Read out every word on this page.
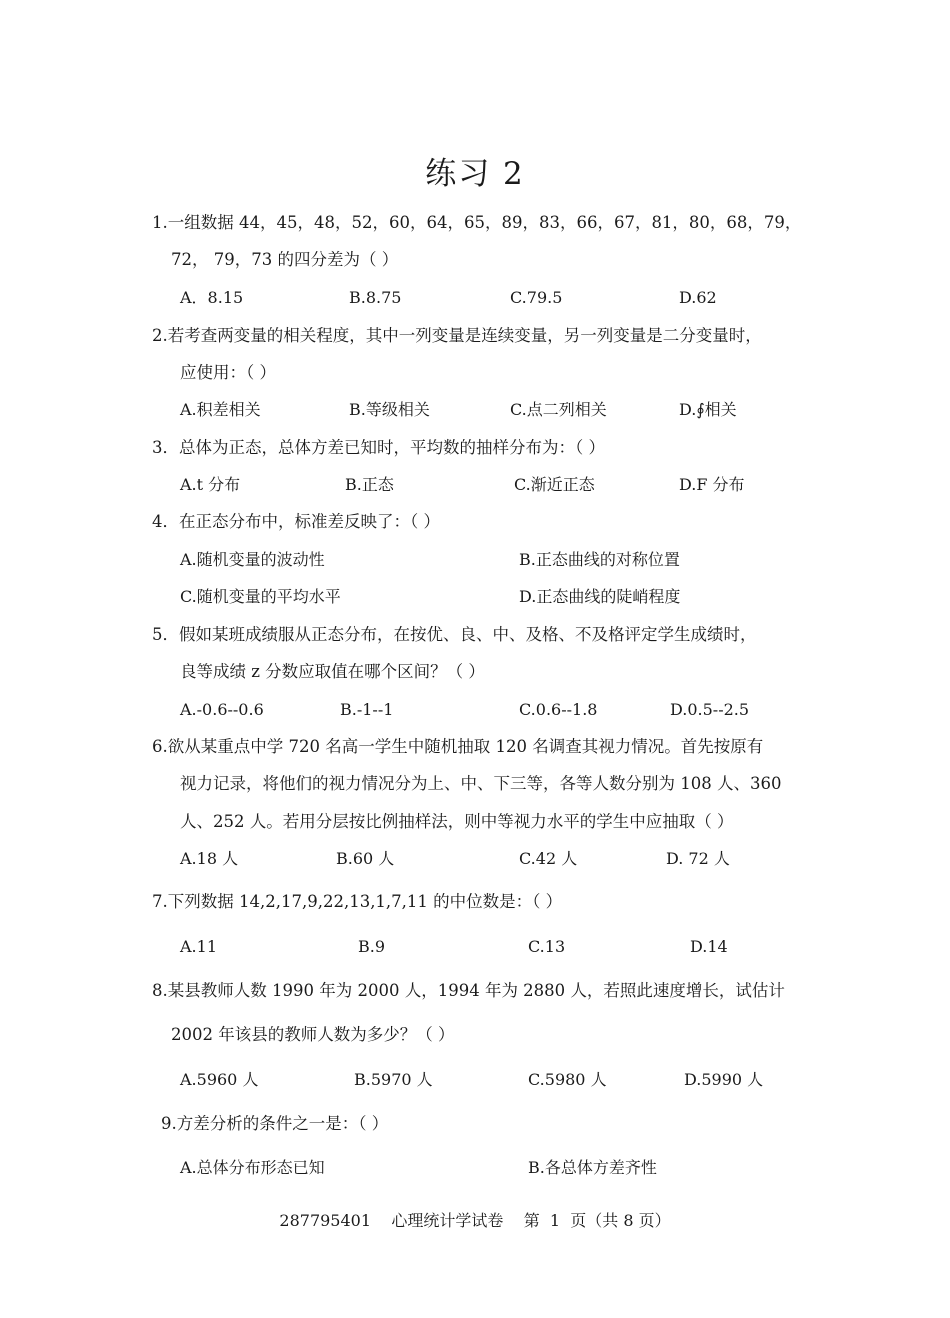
练习 2
1.一组数据 44，45，48，52，60，64，65，89，83，66，67，81，80，68，79，
72， 79，73 的四分差为（ ）
A．8.15	B.8.75	C.79.5	D.62
2.若考查两变量的相关程度，其中一列变量是连续变量，另一列变量是二分变量时，
应使用：（ ）
A.积差相关	B.等级相关	C.点二列相关	D.∮相关
3．总体为正态，总体方差已知时，平均数的抽样分布为：（ ）
A.t 分布	B.正态	C.渐近正态	D.F 分布
4．在正态分布中，标准差反映了：（ ）
A.随机变量的波动性	B.正态曲线的对称位置
C.随机变量的平均水平	D.正态曲线的陡峭程度
5．假如某班成绩服从正态分布，在按优、良、中、及格、不及格评定学生成绩时，
良等成绩 z 分数应取值在哪个区间？（ ）
A.-0.6--0.6	B.-1--1	C.0.6--1.8	D.0.5--2.5
6.欲从某重点中学 720 名高一学生中随机抽取 120 名调查其视力情况。首先按原有
视力记录，将他们的视力情况分为上、中、下三等，各等人数分别为 108 人、360
人、252 人。若用分层按比例抽样法，则中等视力水平的学生中应抽取（ ）
A.18 人	B.60 人	C.42 人	D. 72 人
7.下列数据 14,2,17,9,22,13,1,7,11 的中位数是：（ ）
A.11	B.9	C.13	D.14
8.某县教师人数 1990 年为 2000 人，1994 年为 2880 人，若照此速度增长，试估计
2002 年该县的教师人数为多少？（ ）
A.5960 人	B.5970 人	C.5980 人	D.5990 人
9.方差分析的条件之一是：（ ）
A.总体分布形态已知	B.各总体方差齐性
287795401    心理统计学试卷    第  1  页（共 8 页）
